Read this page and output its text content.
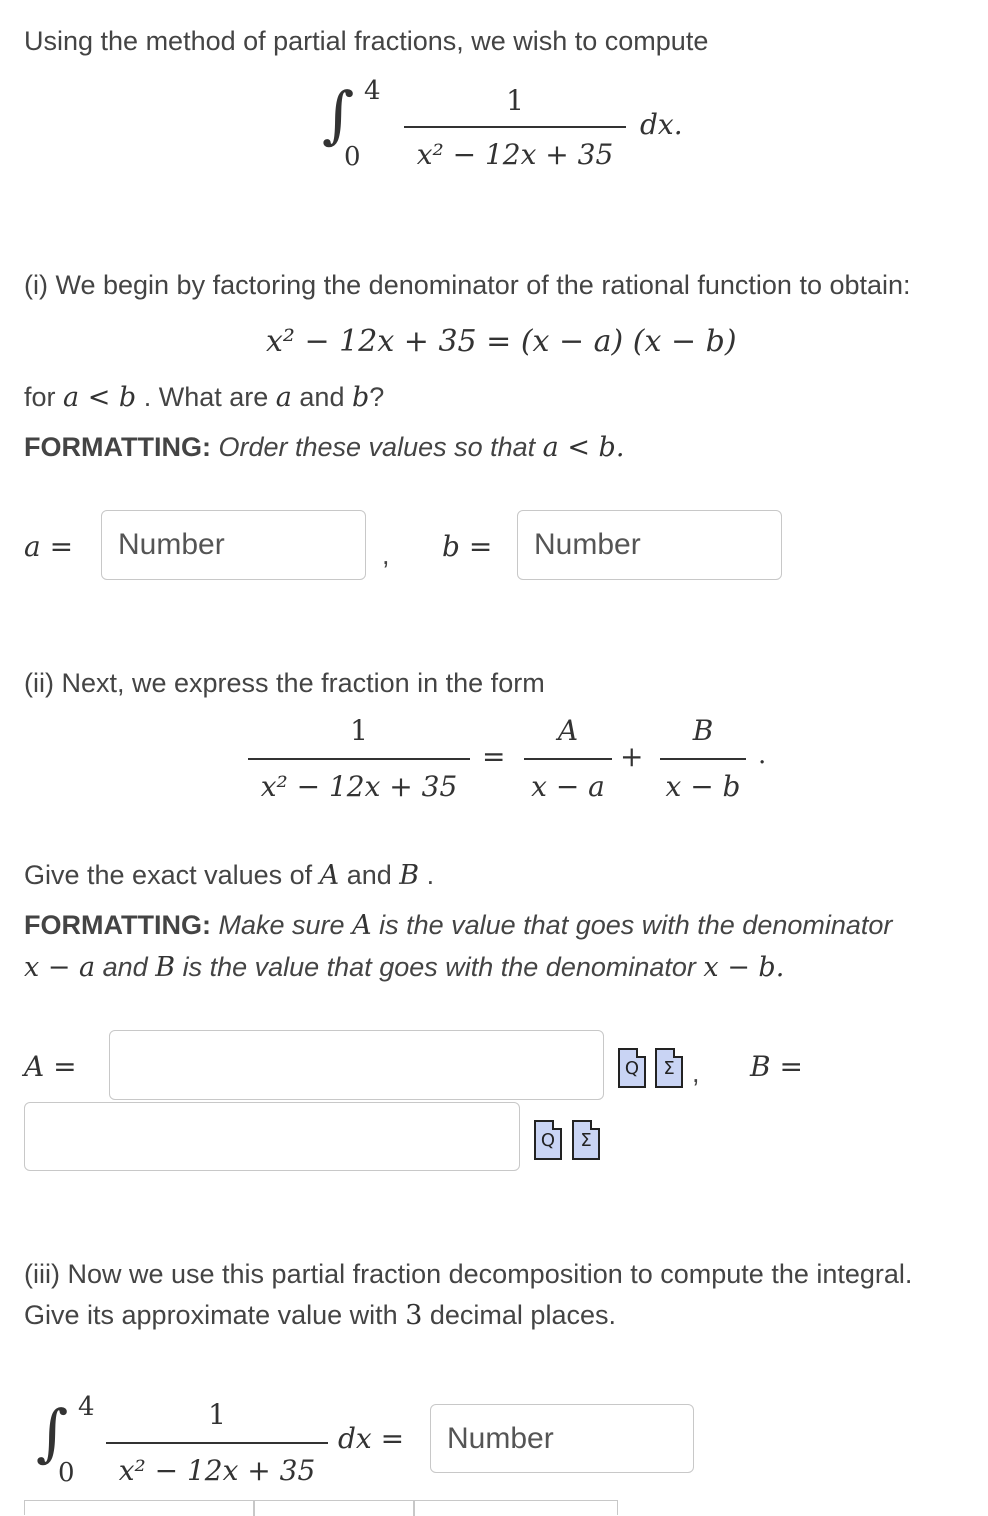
Using the method of partial fractions, we wish to compute
∫ 4
0
1
x² − 12x + 35
dx.
(i) We begin by factoring the denominator of the rational function to obtain:
x² − 12x + 35 = (x − a) (x − b)
for a < b . What are a and b?
FORMATTING: Order these values so that a < b.
a =
Number	, b =
Number
(ii) Next, we express the fraction in the form
1
x² − 12x + 35
=
A
x − a
+
B
x − b
.
Give the exact values of A and B .
FORMATTING: Make sure A is the value that goes with the denominator
x − a and B is the value that goes with the denominator x − b.
A =	Q	Σ , B =
Q	Σ
(iii) Now we use this partial fraction decomposition to compute the integral.
Give its approximate value with 3 decimal places.
∫ 4
0
1
x² − 12x + 35
dx =
Number
